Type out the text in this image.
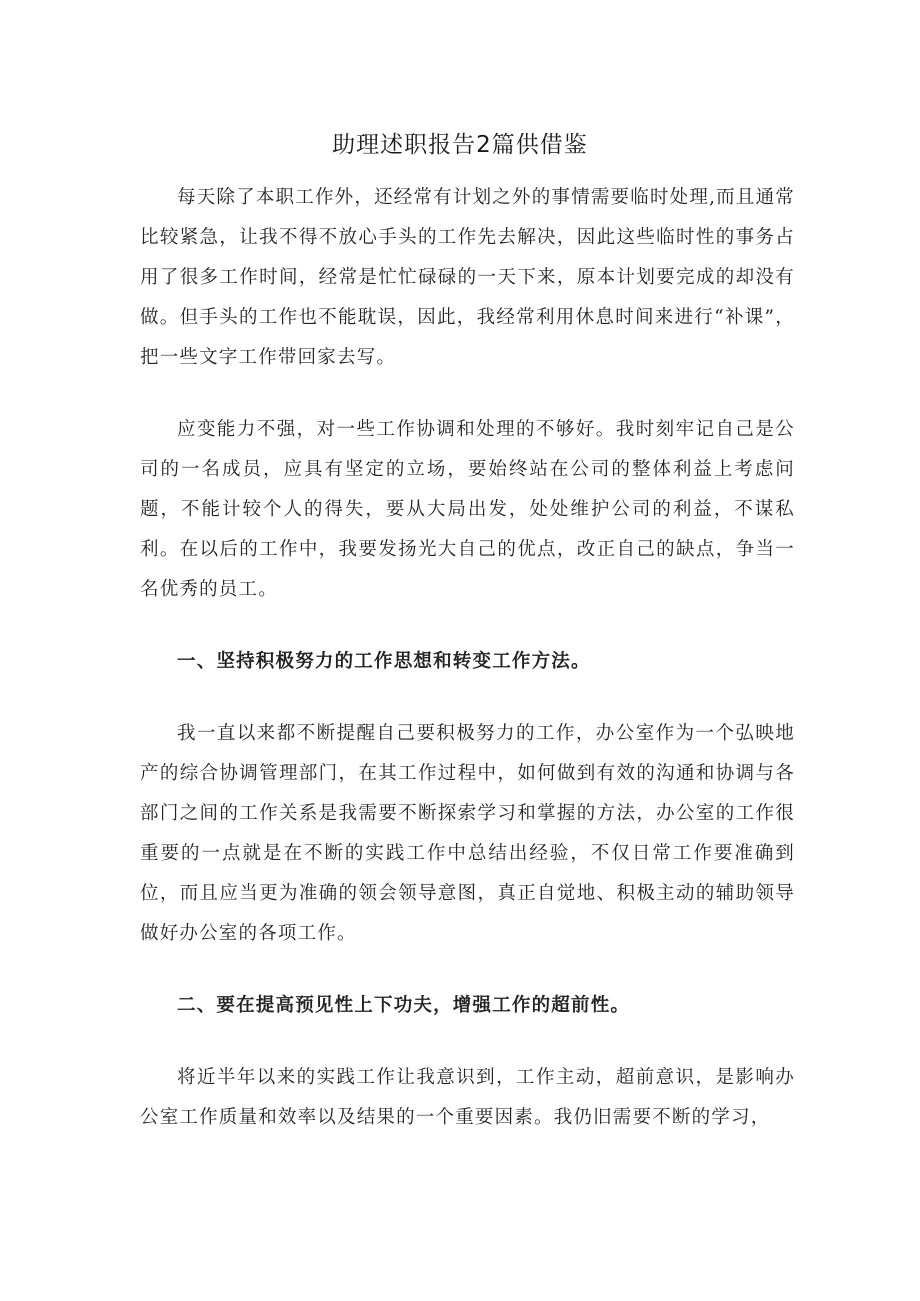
助理述职报告2篇供借鉴

每天除了本职工作外，还经常有计划之外的事情需要临时处理,而且通常比较紧急，让我不得不放心手头的工作先去解决，因此这些临时性的事务占用了很多工作时间，经常是忙忙碌碌的一天下来，原本计划要完成的却没有做。但手头的工作也不能耽误，因此，我经常利用休息时间来进行“补课”，把一些文字工作带回家去写。

应变能力不强，对一些工作协调和处理的不够好。我时刻牢记自己是公司的一名成员，应具有坚定的立场，要始终站在公司的整体利益上考虑问题，不能计较个人的得失，要从大局出发，处处维护公司的利益，不谋私利。在以后的工作中，我要发扬光大自己的优点，改正自己的缺点，争当一名优秀的员工。

一、坚持积极努力的工作思想和转变工作方法。

我一直以来都不断提醒自己要积极努力的工作，办公室作为一个弘映地产的综合协调管理部门，在其工作过程中，如何做到有效的沟通和协调与各部门之间的工作关系是我需要不断探索学习和掌握的方法，办公室的工作很重要的一点就是在不断的实践工作中总结出经验，不仅日常工作要准确到位，而且应当更为准确的领会领导意图，真正自觉地、积极主动的辅助领导做好办公室的各项工作。

二、要在提高预见性上下功夫，增强工作的超前性。

将近半年以来的实践工作让我意识到，工作主动，超前意识，是影响办公室工作质量和效率以及结果的一个重要因素。我仍旧需要不断的学习，
